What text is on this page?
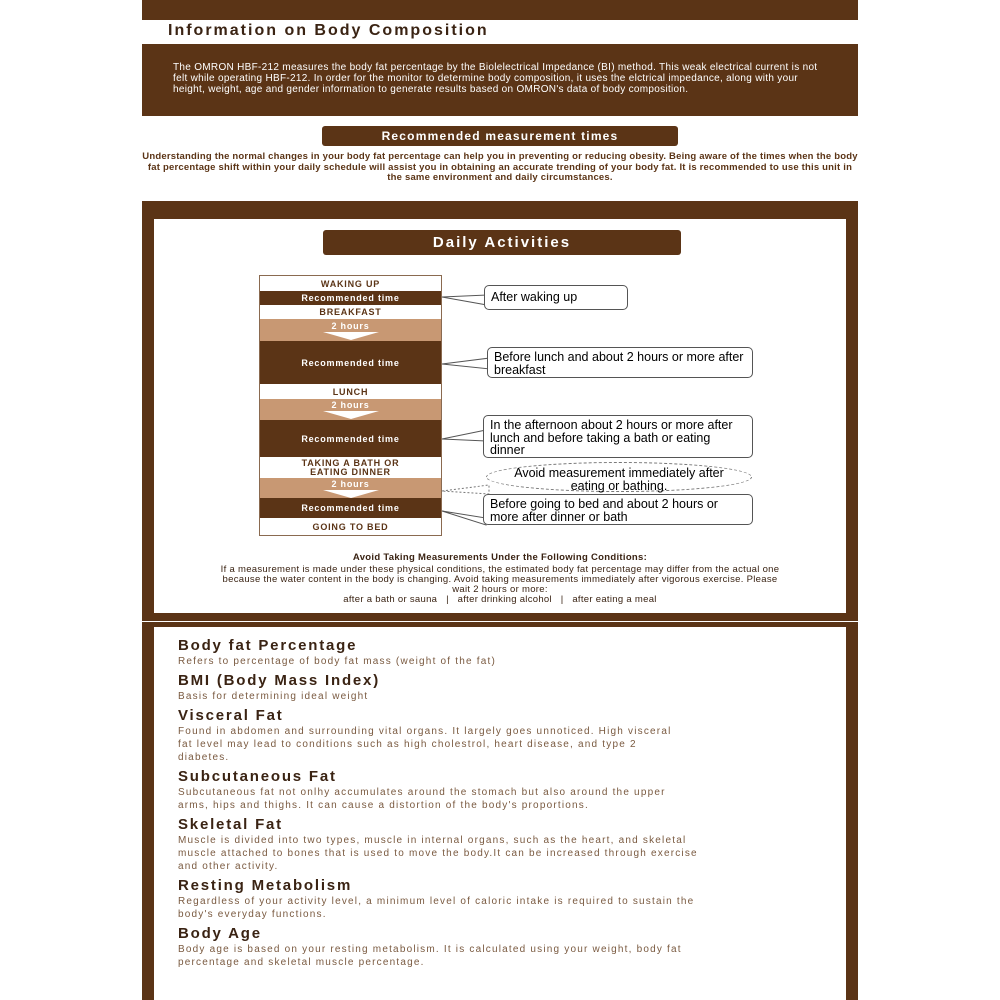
Information on Body Composition

The OMRON HBF-212 measures the body fat percentage by the Biolelectrical Impedance (BI) method. This weak electrical current is not felt while operating HBF-212. In order for the monitor to determine body composition, it uses the elctrical impedance, along with your height, weight, age and gender information to generate results based on OMRON's data of body composition.

Recommended measurement times
Understanding the normal changes in your body fat percentage can help you in preventing or reducing obesity. Being aware of the times when the body fat percentage shift within your daily schedule will assist you in obtaining an accurate trending of your body fat. It is recommended to use this unit in the same environment and daily circumstances.
Daily Activities
WAKING UP
Recommended time
BREAKFAST
2 hours
Recommended time
LUNCH
2 hours
Recommended time
TAKING A BATH OR EATING DINNER
2 hours
Recommended time
GOING TO BED
After waking up
Before lunch and about 2 hours or more after breakfast
In the afternoon about 2 hours or more after lunch and before taking a bath or eating dinner
Avoid measurement immediately after eating or bathing.
Before going to bed and about 2 hours or more after dinner or bath
Avoid Taking Measurements Under the Following Conditions:

If a measurement is made under these physical conditions, the estimated body fat percentage may differ from the actual one because the water content in the body is changing. Avoid taking measurements immediately after vigorous exercise. Please wait 2 hours or more:

after a bath or sauna   |   after drinking alcohol   |   after eating a meal

Body fat Percentage
Refers to percentage of body fat mass (weight of the fat)
BMI (Body Mass Index)
Basis for determining ideal weight
Visceral Fat
Found in abdomen and surrounding vital organs. It largely goes unnoticed. High visceral fat level may lead to conditions such as high cholestrol, heart disease, and type 2 diabetes.
Subcutaneous Fat
Subcutaneous fat not onlhy accumulates around the stomach but also around the upper arms, hips and thighs. It can cause a distortion of the body's proportions.
Skeletal Fat
Muscle is divided into two types, muscle in internal organs, such as the heart, and skeletal muscle attached to bones that is used to move the body.It can be increased through exercise and other activity.
Resting Metabolism
Regardless of your activity level, a minimum level of caloric intake is required to sustain the body's everyday functions.
Body Age
Body age is based on your resting metabolism. It is calculated using your weight, body fat percentage and skeletal muscle percentage.
